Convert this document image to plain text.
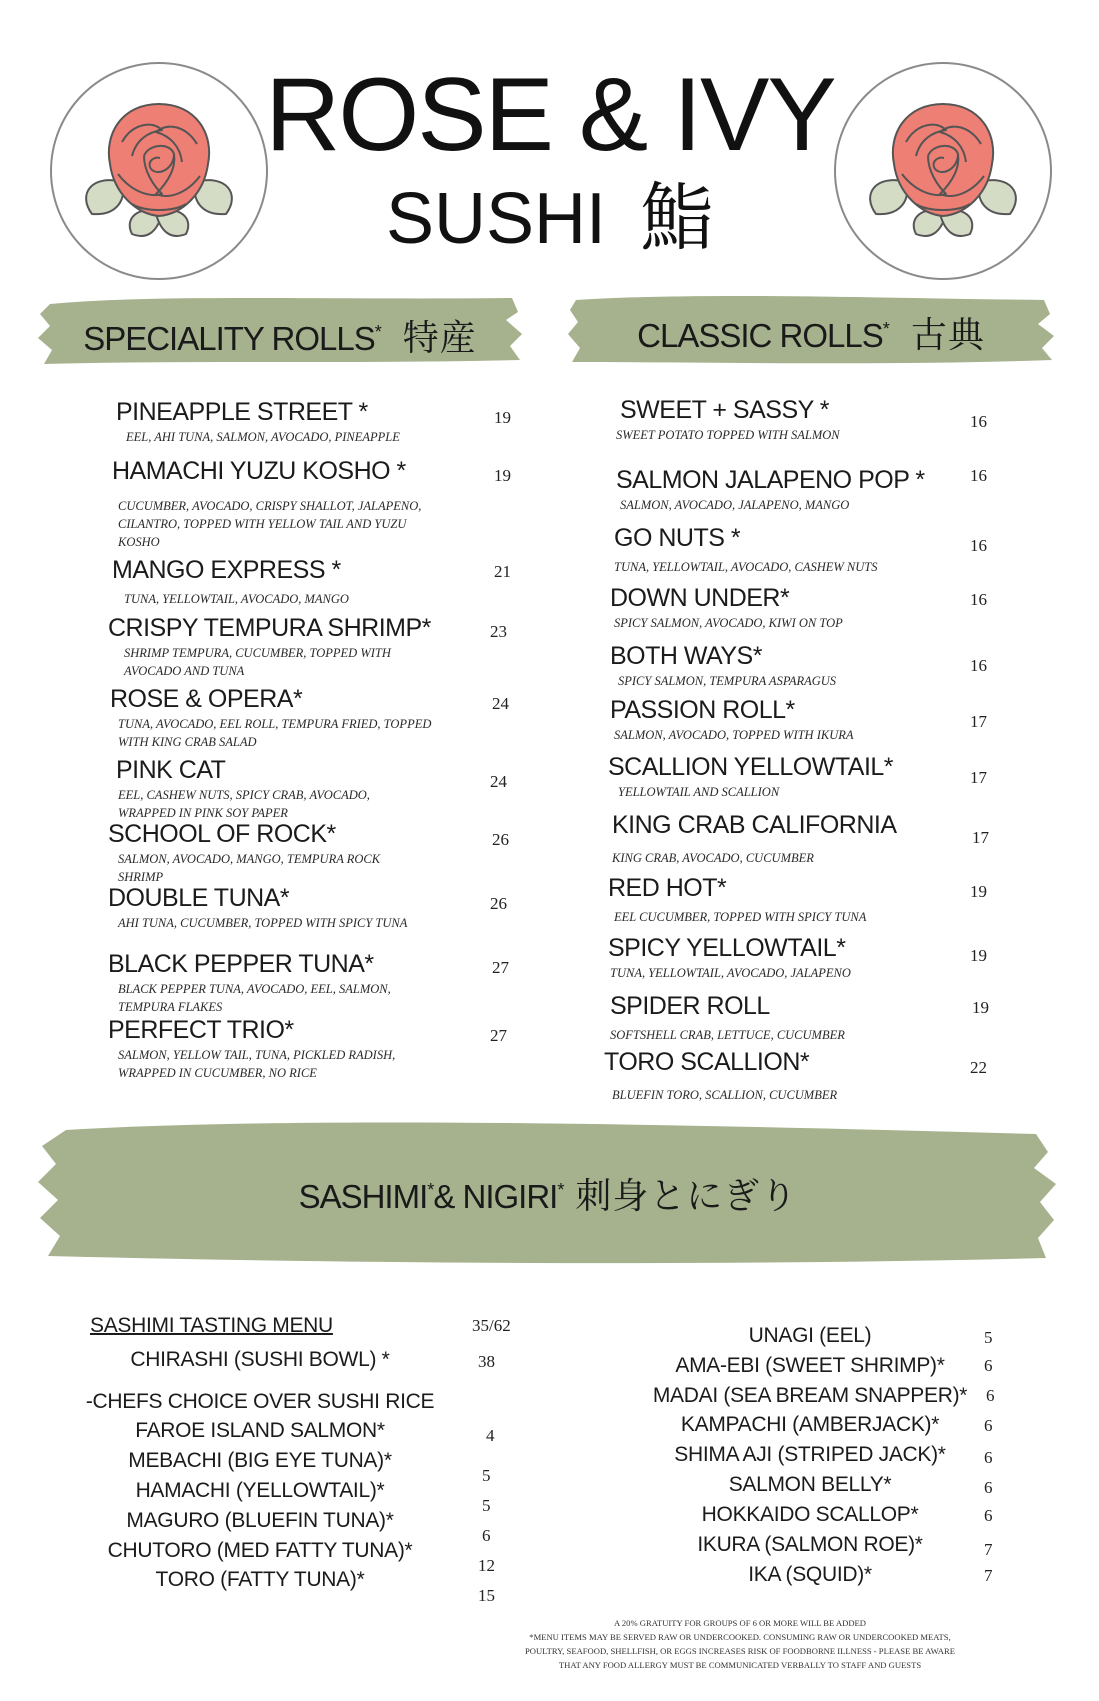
ROSE & IVY
SUSHI 鮨
SPECIALITY ROLLS* 特産	CLASSIC ROLLS* 古典
SASHIMI*& NIGIRI* 刺身とにぎり
PINEAPPLE STREET *
EEL, AHI TUNA, SALMON, AVOCADO, PINEAPPLE
19
HAMACHI YUZU KOSHO *
CUCUMBER, AVOCADO, CRISPY SHALLOT, JALAPENO, CILANTRO, TOPPED WITH YELLOW TAIL AND YUZU KOSHO
19
MANGO EXPRESS *
TUNA, YELLOWTAIL, AVOCADO, MANGO
21
CRISPY TEMPURA SHRIMP*
SHRIMP TEMPURA, CUCUMBER, TOPPED WITH AVOCADO AND TUNA
23
ROSE & OPERA*
TUNA, AVOCADO, EEL ROLL, TEMPURA FRIED, TOPPED WITH KING CRAB SALAD
24
PINK CAT
EEL, CASHEW NUTS, SPICY CRAB, AVOCADO, WRAPPED IN PINK SOY PAPER
24
SCHOOL OF ROCK*
SALMON, AVOCADO, MANGO, TEMPURA ROCK SHRIMP
26
DOUBLE TUNA*
AHI TUNA, CUCUMBER, TOPPED WITH SPICY TUNA
26
BLACK PEPPER TUNA*
BLACK PEPPER TUNA, AVOCADO, EEL, SALMON, TEMPURA FLAKES
27
PERFECT TRIO*
SALMON, YELLOW TAIL, TUNA, PICKLED RADISH, WRAPPED IN CUCUMBER, NO RICE
27
SWEET + SASSY *
SWEET POTATO TOPPED WITH SALMON
16
SALMON JALAPENO POP *
SALMON, AVOCADO, JALAPENO, MANGO
16
GO NUTS *
TUNA, YELLOWTAIL, AVOCADO, CASHEW NUTS
16
DOWN UNDER*
SPICY SALMON, AVOCADO, KIWI ON TOP
16
BOTH WAYS*
SPICY SALMON, TEMPURA ASPARAGUS
16
PASSION ROLL*
SALMON, AVOCADO, TOPPED WITH IKURA
17
SCALLION YELLOWTAIL*
YELLOWTAIL AND SCALLION
17
KING CRAB CALIFORNIA
KING CRAB, AVOCADO, CUCUMBER
17
RED HOT*
EEL CUCUMBER, TOPPED WITH SPICY TUNA
19
SPICY YELLOWTAIL*
TUNA, YELLOWTAIL, AVOCADO, JALAPENO
19
SPIDER ROLL
SOFTSHELL CRAB, LETTUCE, CUCUMBER
19
TORO SCALLION*
BLUEFIN TORO, SCALLION, CUCUMBER
22
SASHIMI TASTING MENU	35/62
CHIRASHI (SUSHI BOWL) *	38
-CHEFS CHOICE OVER SUSHI RICE
FAROE ISLAND SALMON*	4
MEBACHI (BIG EYE TUNA)*
5
HAMACHI (YELLOWTAIL)*
5
MAGURO (BLUEFIN TUNA)*
6
CHUTORO (MED FATTY TUNA)*
12
TORO (FATTY TUNA)*
15
UNAGI (EEL)	5
AMA-EBI (SWEET SHRIMP)*	6
MADAI (SEA BREAM SNAPPER)*	6
KAMPACHI (AMBERJACK)*	6
SHIMA AJI (STRIPED JACK)*	6
SALMON BELLY*	6
HOKKAIDO SCALLOP*	6
IKURA (SALMON ROE)*	7
IKA (SQUID)*	7
A 20% GRATUITY FOR GROUPS OF 6 OR MORE WILL BE ADDED
*MENU ITEMS MAY BE SERVED RAW OR UNDERCOOKED. CONSUMING RAW OR UNDERCOOKED MEATS, POULTRY, SEAFOOD, SHELLFISH, OR EGGS INCREASES RISK OF FOODBORNE ILLNESS - PLEASE BE AWARE THAT ANY FOOD ALLERGY MUST BE COMMUNICATED VERBALLY TO STAFF AND GUESTS
